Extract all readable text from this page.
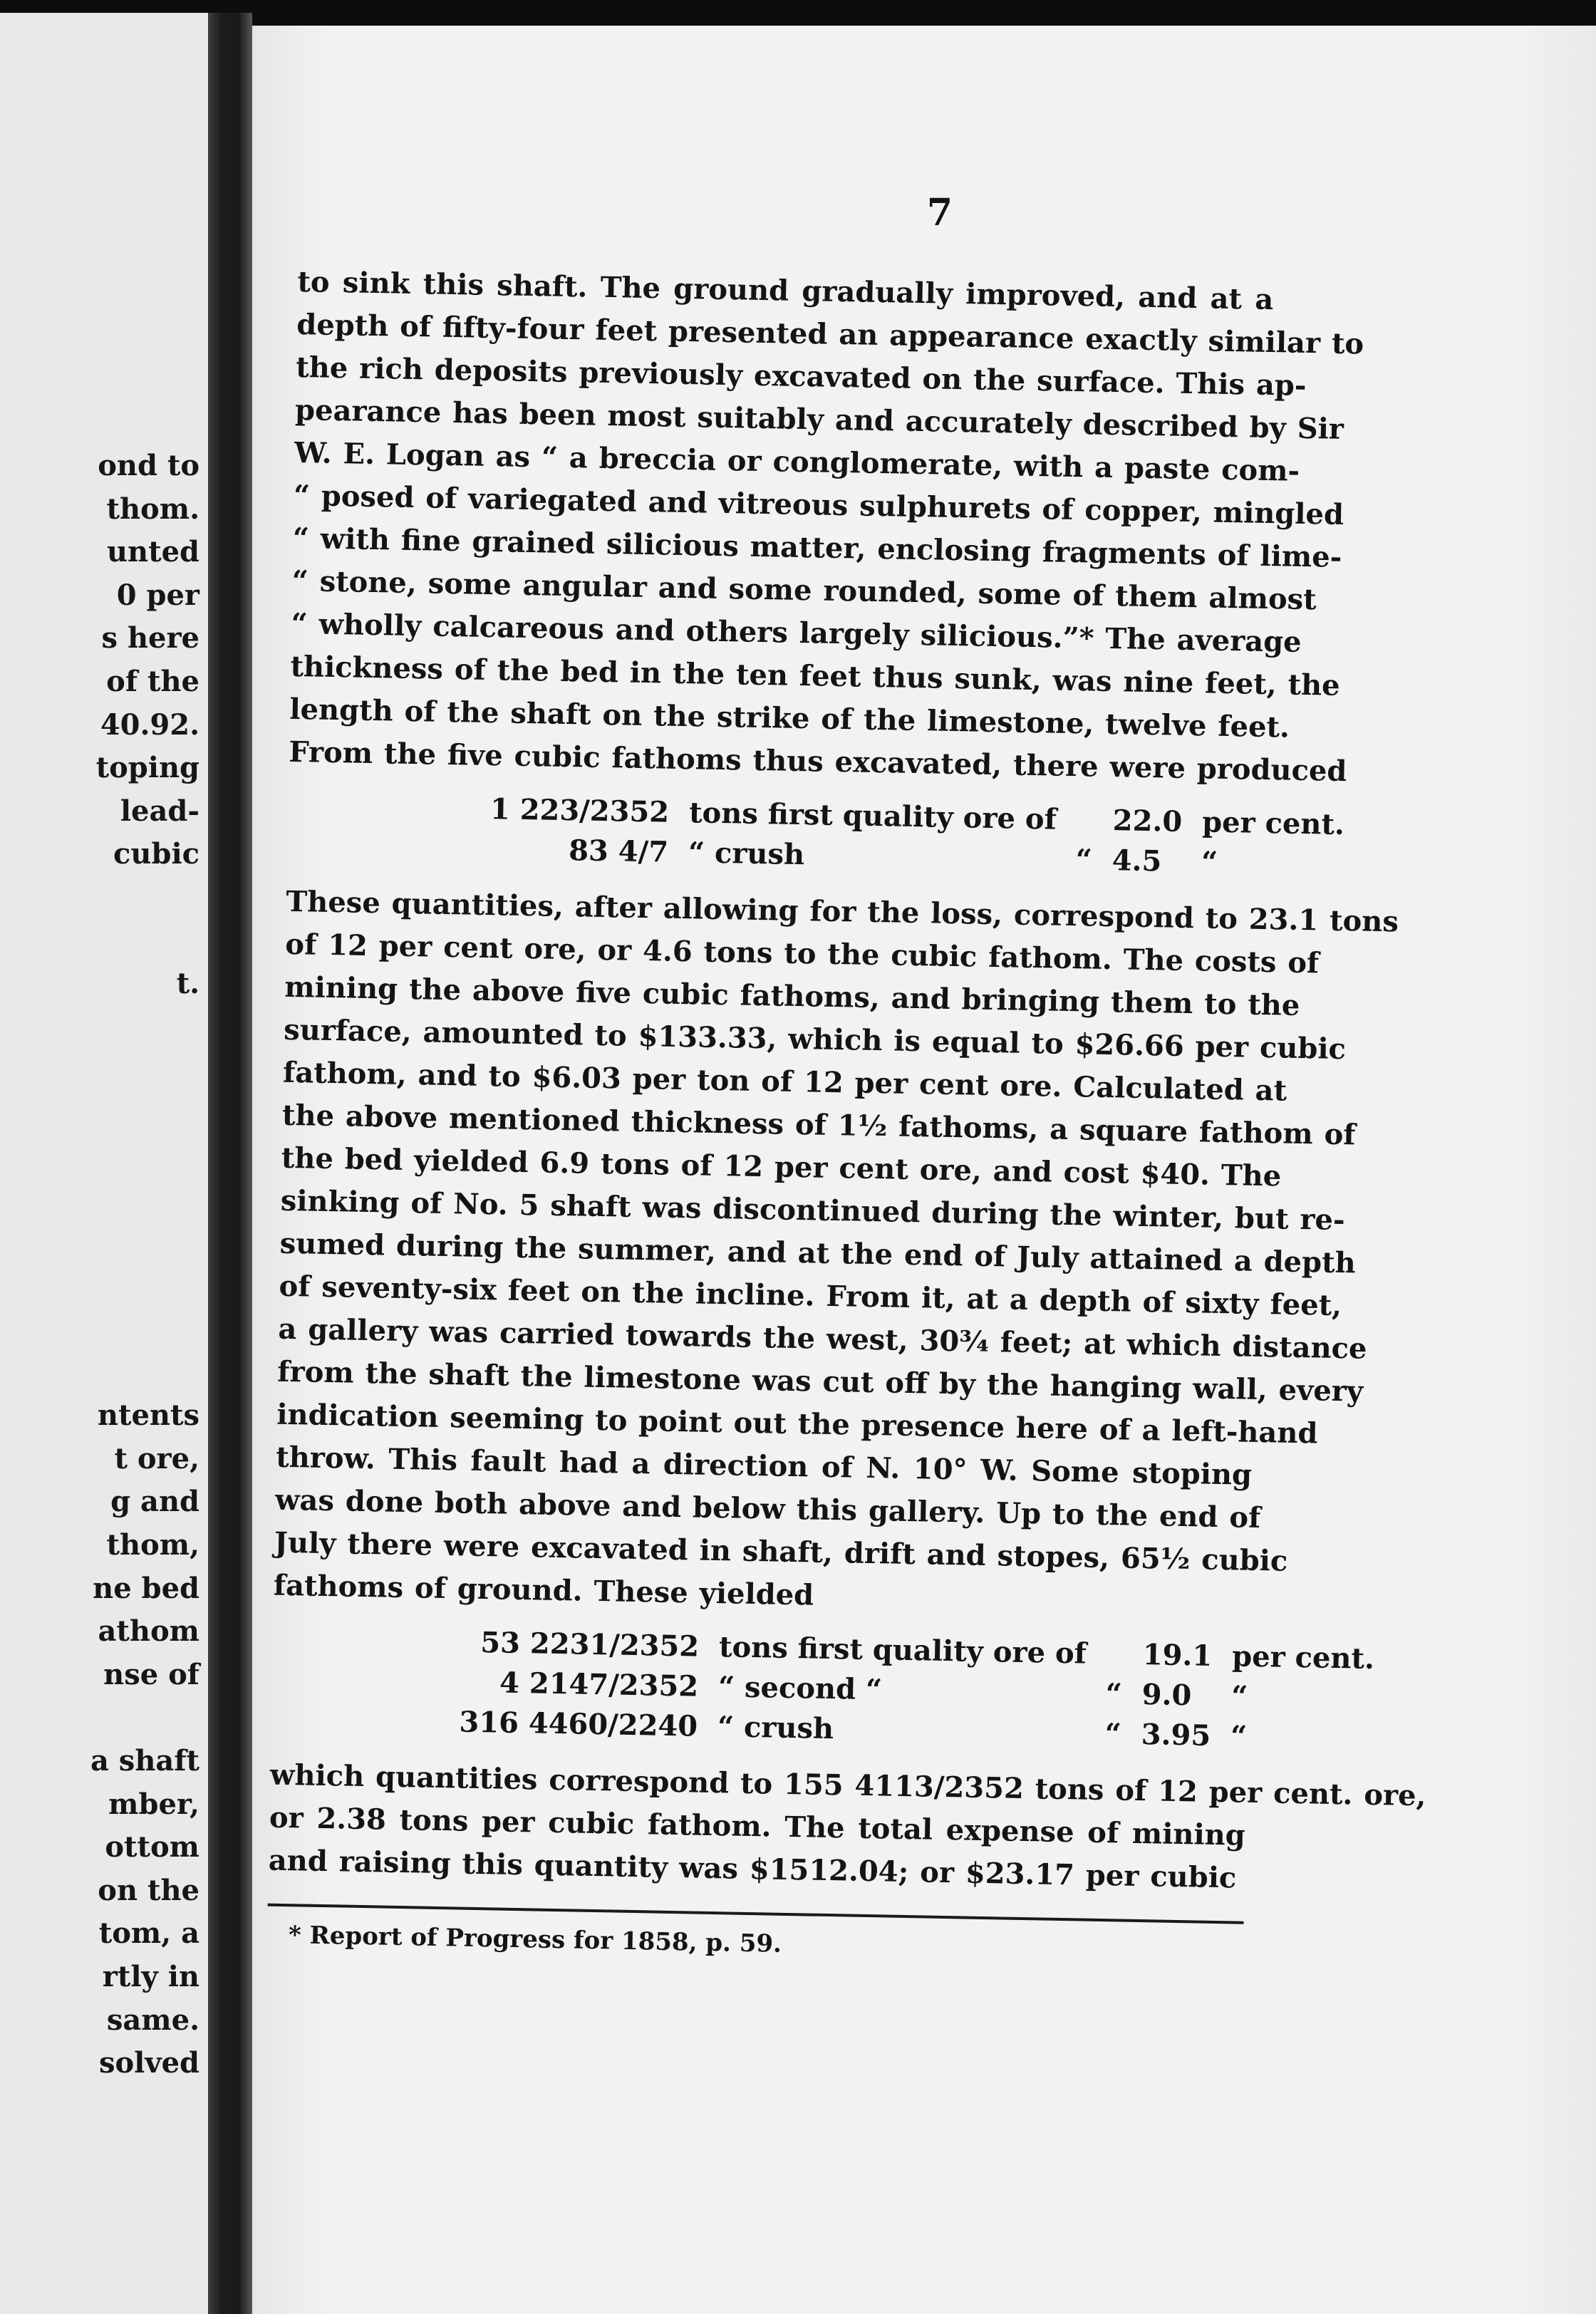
ond to
thom.
unted
0 per
s here
of the
40.92.
toping
lead-
cubic
t.
ntents
t ore,
g and
thom,
ne bed
athom
nse of
a shaft
mber,
ottom
on the
tom, a
rtly in
same.
solved
7
to sink this shaft. The ground gradually improved, and at a
depth of fifty-four feet presented an appearance exactly similar to
the rich deposits previously excavated on the surface. This ap-
pearance has been most suitably and accurately described by Sir
W. E. Logan as “ a breccia or conglomerate, with a paste com-
“ posed of variegated and vitreous sulphurets of copper, mingled
“ with fine grained silicious matter, enclosing fragments of lime-
“ stone, some angular and some rounded, some of them almost
“ wholly calcareous and others largely silicious.”* The average
thickness of the bed in the ten feet thus sunk, was nine feet, the
length of the shaft on the strike of the limestone, twelve feet.
From the five cubic fathoms thus excavated, there were produced
1 223/2352	tons first quality ore of		22.0	per cent.
83 4/7	“ crush	“	4.5	“
These quantities, after allowing for the loss, correspond to 23.1 tons
of 12 per cent ore, or 4.6 tons to the cubic fathom. The costs of
mining the above five cubic fathoms, and bringing them to the
surface, amounted to $133.33, which is equal to $26.66 per cubic
fathom, and to $6.03 per ton of 12 per cent ore. Calculated at
the above mentioned thickness of 1½ fathoms, a square fathom of
the bed yielded 6.9 tons of 12 per cent ore, and cost $40. The
sinking of No. 5 shaft was discontinued during the winter, but re-
sumed during the summer, and at the end of July attained a depth
of seventy-six feet on the incline. From it, at a depth of sixty feet,
a gallery was carried towards the west, 30¾ feet; at which distance
from the shaft the limestone was cut off by the hanging wall, every
indication seeming to point out the presence here of a left-hand
throw. This fault had a direction of N. 10° W. Some stoping
was done both above and below this gallery. Up to the end of
July there were excavated in shaft, drift and stopes, 65½ cubic
fathoms of ground. These yielded
53 2231/2352	tons first quality ore of		19.1	per cent.
4 2147/2352	“ second “	“	9.0	“
316 4460/2240	“ crush	“	3.95	“
which quantities correspond to 155 4113/2352 tons of 12 per cent. ore,
or 2.38 tons per cubic fathom. The total expense of mining
and raising this quantity was $1512.04; or $23.17 per cubic
* Report of Progress for 1858, p. 59.
